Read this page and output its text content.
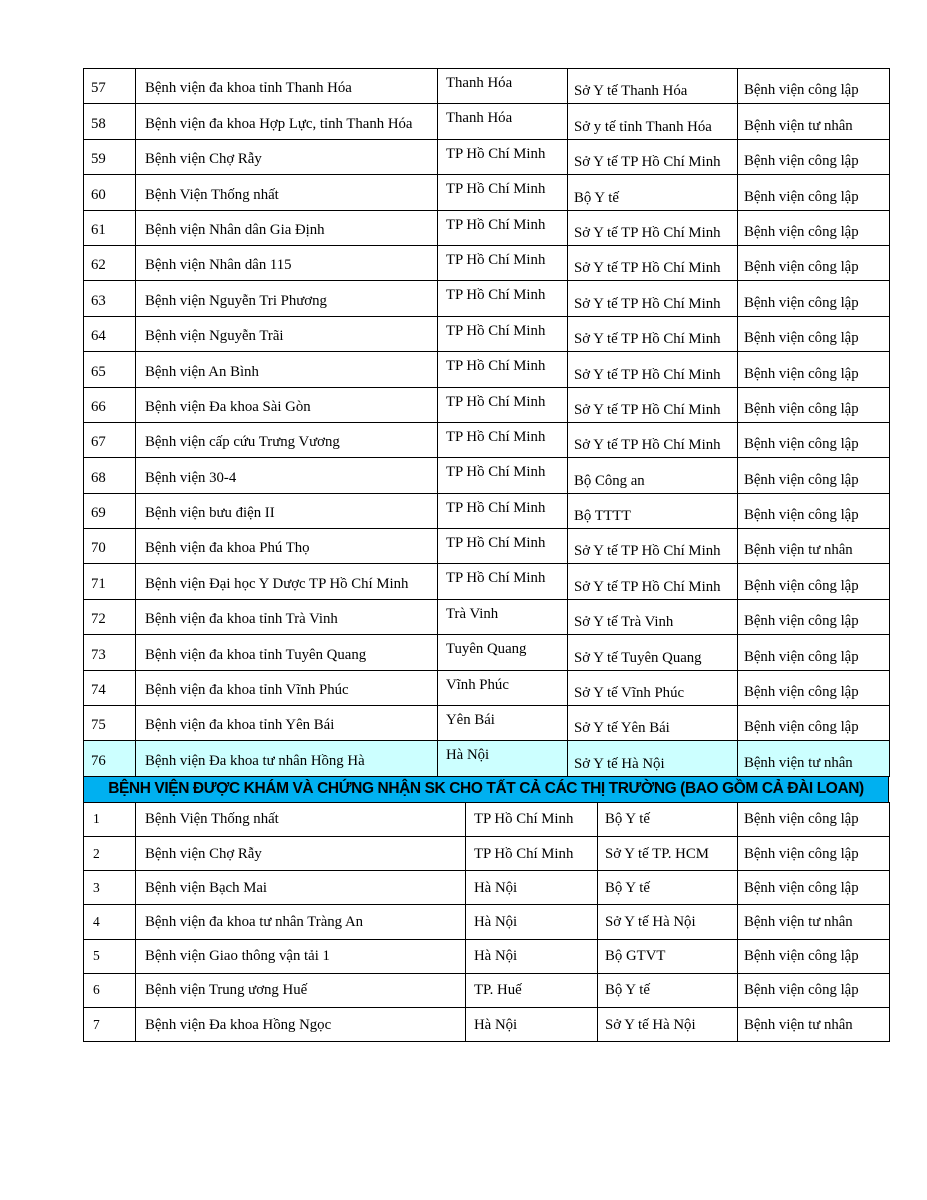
57	Bệnh viện đa khoa tỉnh Thanh Hóa	Thanh Hóa	Sở Y tế Thanh Hóa	Bệnh viện công lập
58	Bệnh viện đa khoa Hợp Lực, tỉnh Thanh Hóa	Thanh Hóa	Sở y tế tỉnh Thanh Hóa	Bệnh viện tư nhân
59	Bệnh viện Chợ Rẫy	TP Hồ Chí Minh	Sở Y tế TP Hồ Chí Minh	Bệnh viện công lập
60	Bệnh Viện Thống nhất	TP Hồ Chí Minh	Bộ Y tế	Bệnh viện công lập
61	Bệnh viện Nhân dân Gia Định	TP Hồ Chí Minh	Sở Y tế TP Hồ Chí Minh	Bệnh viện công lập
62	Bệnh viện Nhân dân 115	TP Hồ Chí Minh	Sở Y tế TP Hồ Chí Minh	Bệnh viện công lập
63	Bệnh viện Nguyễn Tri Phương	TP Hồ Chí Minh	Sở Y tế TP Hồ Chí Minh	Bệnh viện công lập
64	Bệnh viện Nguyễn Trãi	TP Hồ Chí Minh	Sở Y tế TP Hồ Chí Minh	Bệnh viện công lập
65	Bệnh viện An Bình	TP Hồ Chí Minh	Sở Y tế TP Hồ Chí Minh	Bệnh viện công lập
66	Bệnh viện Đa khoa Sài Gòn	TP Hồ Chí Minh	Sở Y tế TP Hồ Chí Minh	Bệnh viện công lập
67	Bệnh viện cấp cứu Trưng Vương	TP Hồ Chí Minh	Sở Y tế TP Hồ Chí Minh	Bệnh viện công lập
68	Bệnh viện 30-4	TP Hồ Chí Minh	Bộ Công an	Bệnh viện công lập
69	Bệnh viện bưu điện II	TP Hồ Chí Minh	Bộ TTTT	Bệnh viện công lập
70	Bệnh viện đa khoa Phú Thọ	TP Hồ Chí Minh	Sở Y tế TP Hồ Chí Minh	Bệnh viện tư nhân
71	Bệnh viện Đại học Y Dược TP Hồ Chí Minh	TP Hồ Chí Minh	Sở Y tế TP Hồ Chí Minh	Bệnh viện công lập
72	Bệnh viện đa khoa tỉnh Trà Vinh	Trà Vinh	Sở Y tế Trà Vinh	Bệnh viện công lập
73	Bệnh viện đa khoa tỉnh Tuyên Quang	Tuyên Quang	Sở Y tế Tuyên Quang	Bệnh viện công lập
74	Bệnh viện đa khoa tỉnh Vĩnh Phúc	Vĩnh Phúc	Sở Y tế Vĩnh Phúc	Bệnh viện công lập
75	Bệnh viện đa khoa tỉnh Yên Bái	Yên Bái	Sở Y tế Yên Bái	Bệnh viện công lập
76	Bệnh viện Đa khoa tư nhân Hồng Hà	Hà Nội	Sở Y tế Hà Nội	Bệnh viện tư nhân
BỆNH VIỆN ĐƯỢC KHÁM VÀ CHỨNG NHẬN SK CHO TẤT CẢ CÁC THỊ TRƯỜNG (BAO GỒM CẢ ĐÀI LOAN)
1	Bệnh Viện Thống nhất	TP Hồ Chí Minh	Bộ Y tế	Bệnh viện công lập
2	Bệnh viện Chợ Rẫy	TP Hồ Chí Minh	Sở Y tế TP. HCM	Bệnh viện công lập
3	Bệnh viện Bạch Mai	Hà Nội	Bộ Y tế	Bệnh viện công lập
4	Bệnh viện đa khoa tư nhân Tràng An	Hà Nội	Sở Y tế Hà Nội	Bệnh viện tư nhân
5	Bệnh viện Giao thông vận tải 1	Hà Nội	Bộ GTVT	Bệnh viện công lập
6	Bệnh viện Trung ương Huế	TP. Huế	Bộ Y tế	Bệnh viện công lập
7	Bệnh viện Đa khoa Hồng Ngọc	Hà Nội	Sở Y tế Hà Nội	Bệnh viện tư nhân
